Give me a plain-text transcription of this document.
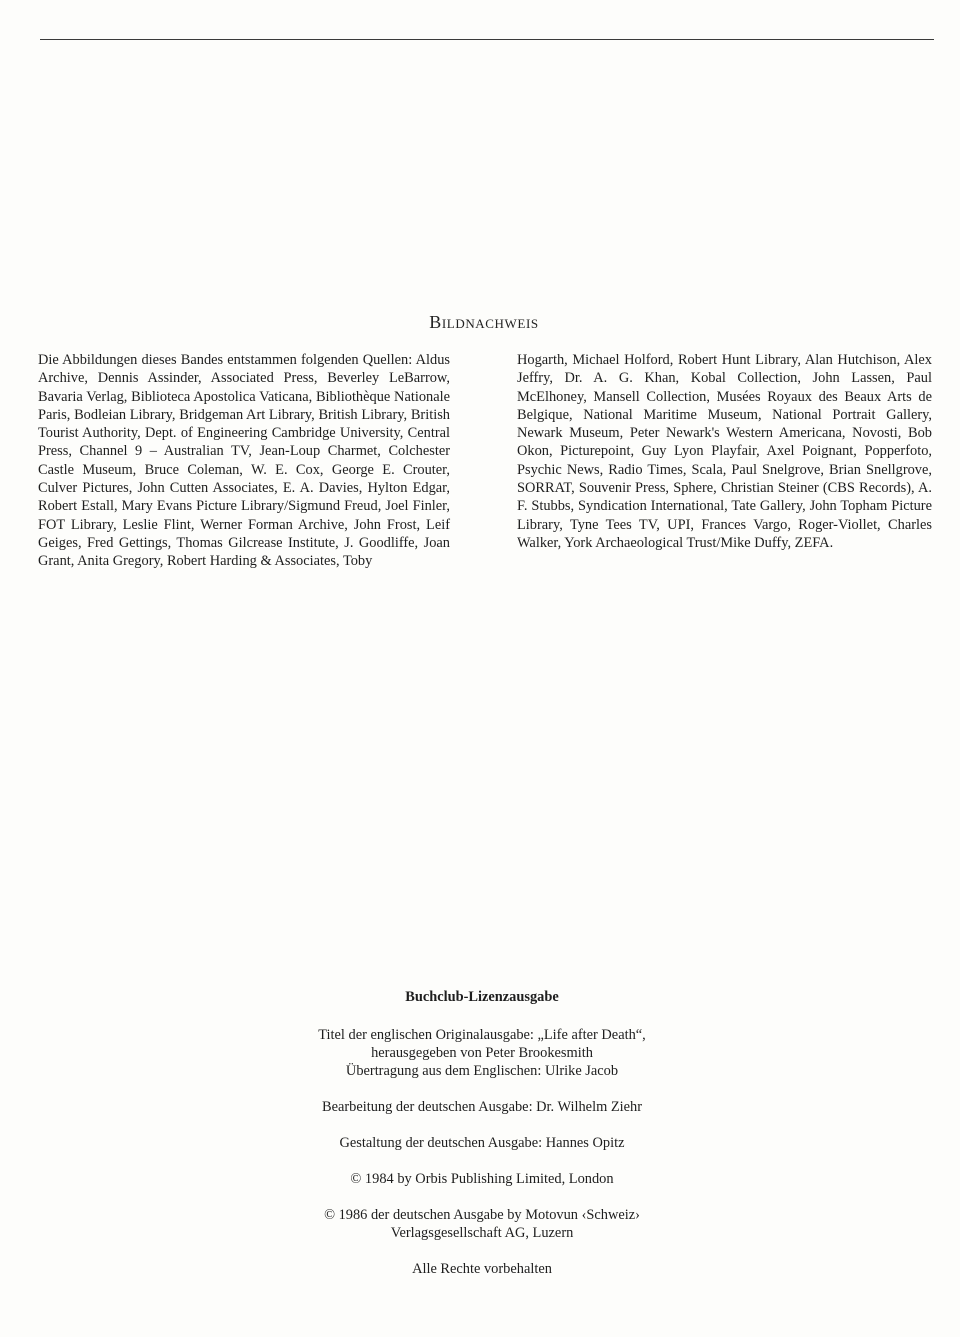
Bildnachweis
Die Abbildungen dieses Bandes entstammen folgenden Quellen: Aldus Archive, Dennis Assinder, Associated Press, Beverley LeBarrow, Bavaria Verlag, Biblioteca Apostolica Vaticana, Bibliothèque Nationale Paris, Bodleian Library, Bridgeman Art Library, British Library, British Tourist Authority, Dept. of Engineering Cambridge University, Central Press, Channel 9 – Australian TV, Jean-Loup Charmet, Colchester Castle Museum, Bruce Coleman, W. E. Cox, George E. Crouter, Culver Pictures, John Cutten Associates, E. A. Davies, Hylton Edgar, Robert Estall, Mary Evans Picture Library/Sigmund Freud, Joel Finler, FOT Library, Leslie Flint, Werner Forman Archive, John Frost, Leif Geiges, Fred Gettings, Thomas Gilcrease Institute, J. Goodliffe, Joan Grant, Anita Gregory, Robert Harding & Associates, Toby
Hogarth, Michael Holford, Robert Hunt Library, Alan Hutchison, Alex Jeffry, Dr. A. G. Khan, Kobal Collection, John Lassen, Paul McElhoney, Mansell Collection, Musées Royaux des Beaux Arts de Belgique, National Maritime Museum, National Portrait Gallery, Newark Museum, Peter Newark's Western Americana, Novosti, Bob Okon, Picturepoint, Guy Lyon Playfair, Axel Poignant, Popperfoto, Psychic News, Radio Times, Scala, Paul Snelgrove, Brian Snellgrove, SORRAT, Souvenir Press, Sphere, Christian Steiner (CBS Records), A. F. Stubbs, Syndication International, Tate Gallery, John Topham Picture Library, Tyne Tees TV, UPI, Frances Vargo, Roger-Viollet, Charles Walker, York Archaeological Trust/Mike Duffy, ZEFA.
Buchclub-Lizenzausgabe

Titel der englischen Originalausgabe: „Life after Death“,
herausgegeben von Peter Brookesmith
Übertragung aus dem Englischen: Ulrike Jacob

Bearbeitung der deutschen Ausgabe: Dr. Wilhelm Ziehr

Gestaltung der deutschen Ausgabe: Hannes Opitz

© 1984 by Orbis Publishing Limited, London

© 1986 der deutschen Ausgabe by Motovun ‹Schweiz›
Verlagsgesellschaft AG, Luzern

Alle Rechte vorbehalten
